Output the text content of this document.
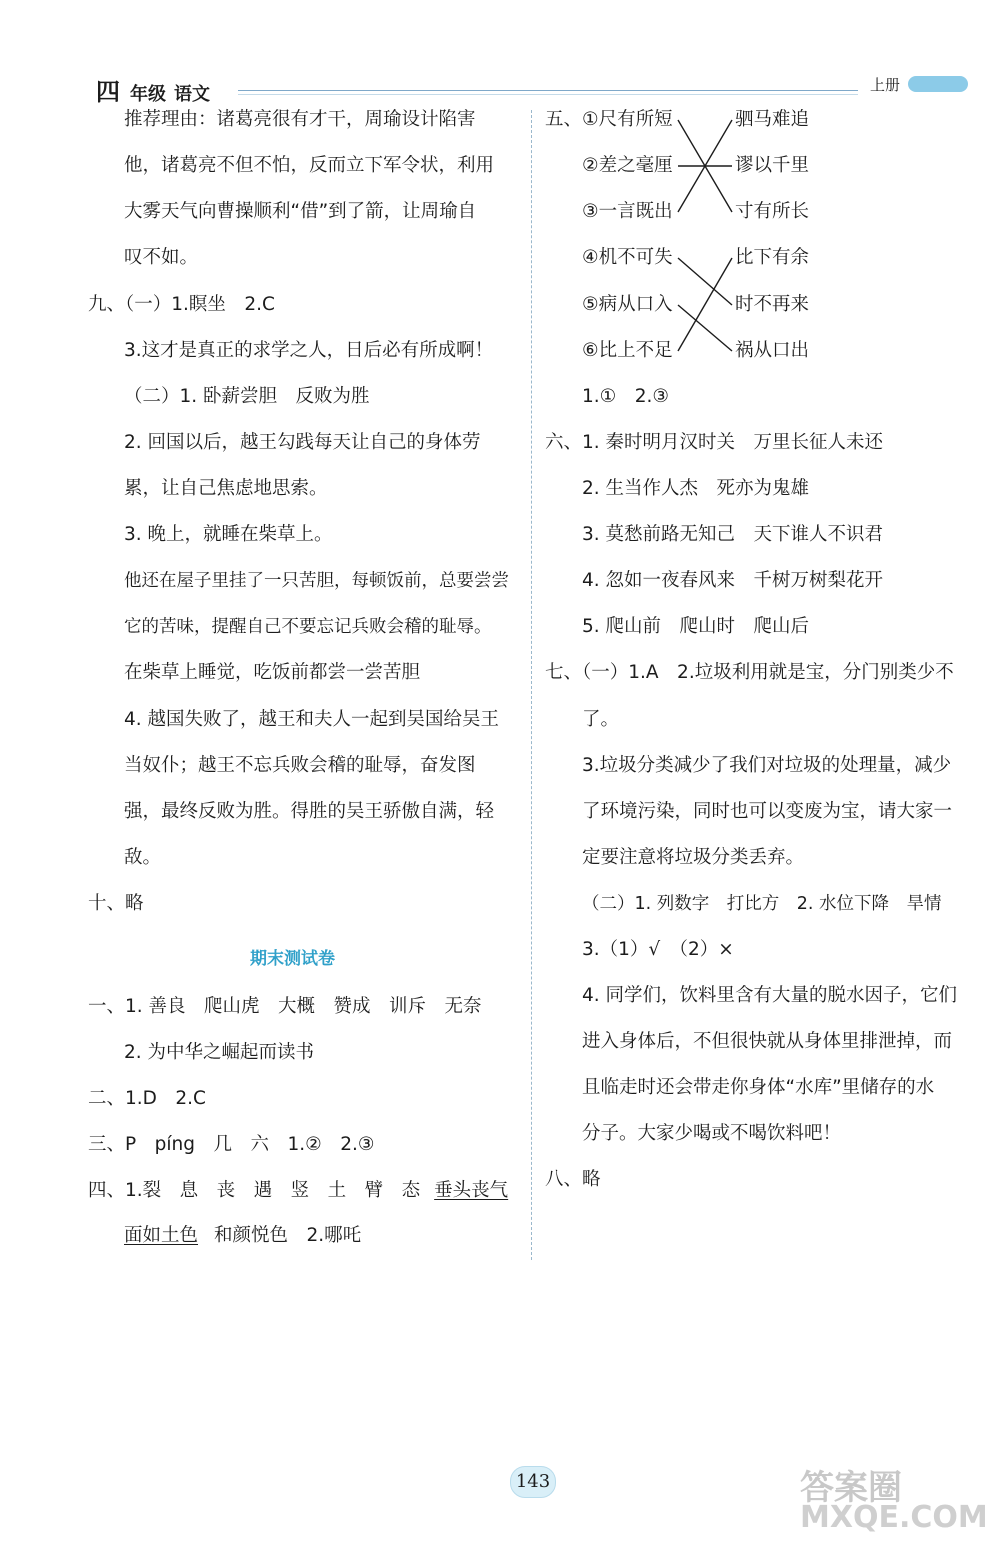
四 年级 语文	上册
推荐理由：诸葛亮很有才干，周瑜设计陷害
他，诸葛亮不但不怕，反而立下军令状，利用
大雾天气向曹操顺利“借”到了箭，让周瑜自
叹不如。
九、（一）1.瞑坐　2.C
3.这才是真正的求学之人，日后必有所成啊！
（二）1. 卧薪尝胆　反败为胜
2. 回国以后，越王勾践每天让自己的身体劳
累，让自己焦虑地思索。
3. 晚上，就睡在柴草上。
他还在屋子里挂了一只苦胆，每顿饭前，总要尝尝
它的苦味，提醒自己不要忘记兵败会稽的耻辱。
在柴草上睡觉，吃饭前都尝一尝苦胆
4. 越国失败了，越王和夫人一起到吴国给吴王
当奴仆；越王不忘兵败会稽的耻辱，奋发图
强，最终反败为胜。得胜的吴王骄傲自满，轻
敌。
十、略
期末测试卷
一、1. 善良　爬山虎　大概　赞成　训斥　无奈
2. 为中华之崛起而读书
二、1.D　2.C
三、P　píng　几　六　1.②　2.③
四、1.裂　息　丧　遇　竖　土　臂　态 垂头丧气
面如土色 和颜悦色　2.哪吒
五、 ①尺有所短
②差之毫厘
③一言既出
驷马难追
谬以千里
寸有所长
④机不可失
⑤病从口入
⑥比上不足
比下有余
时不再来
祸从口出
1.①　2.③
六、1. 秦时明月汉时关　万里长征人未还
2. 生当作人杰　死亦为鬼雄
3. 莫愁前路无知己　天下谁人不识君
4. 忽如一夜春风来　千树万树梨花开
5. 爬山前　爬山时　爬山后
七、（一）1.A　2.垃圾利用就是宝，分门别类少不
了。
3.垃圾分类减少了我们对垃圾的处理量，减少
了环境污染，同时也可以变废为宝，请大家一
定要注意将垃圾分类丢弃。
（二）1. 列数字　打比方　2. 水位下降　旱情
3.（1）√　（2）×
4. 同学们，饮料里含有大量的脱水因子，它们
进入身体后，不但很快就从身体里排泄掉，而
且临走时还会带走你身体“水库”里储存的水
分子。大家少喝或不喝饮料吧！
八、略
143	答案圈
MXQE.COM
